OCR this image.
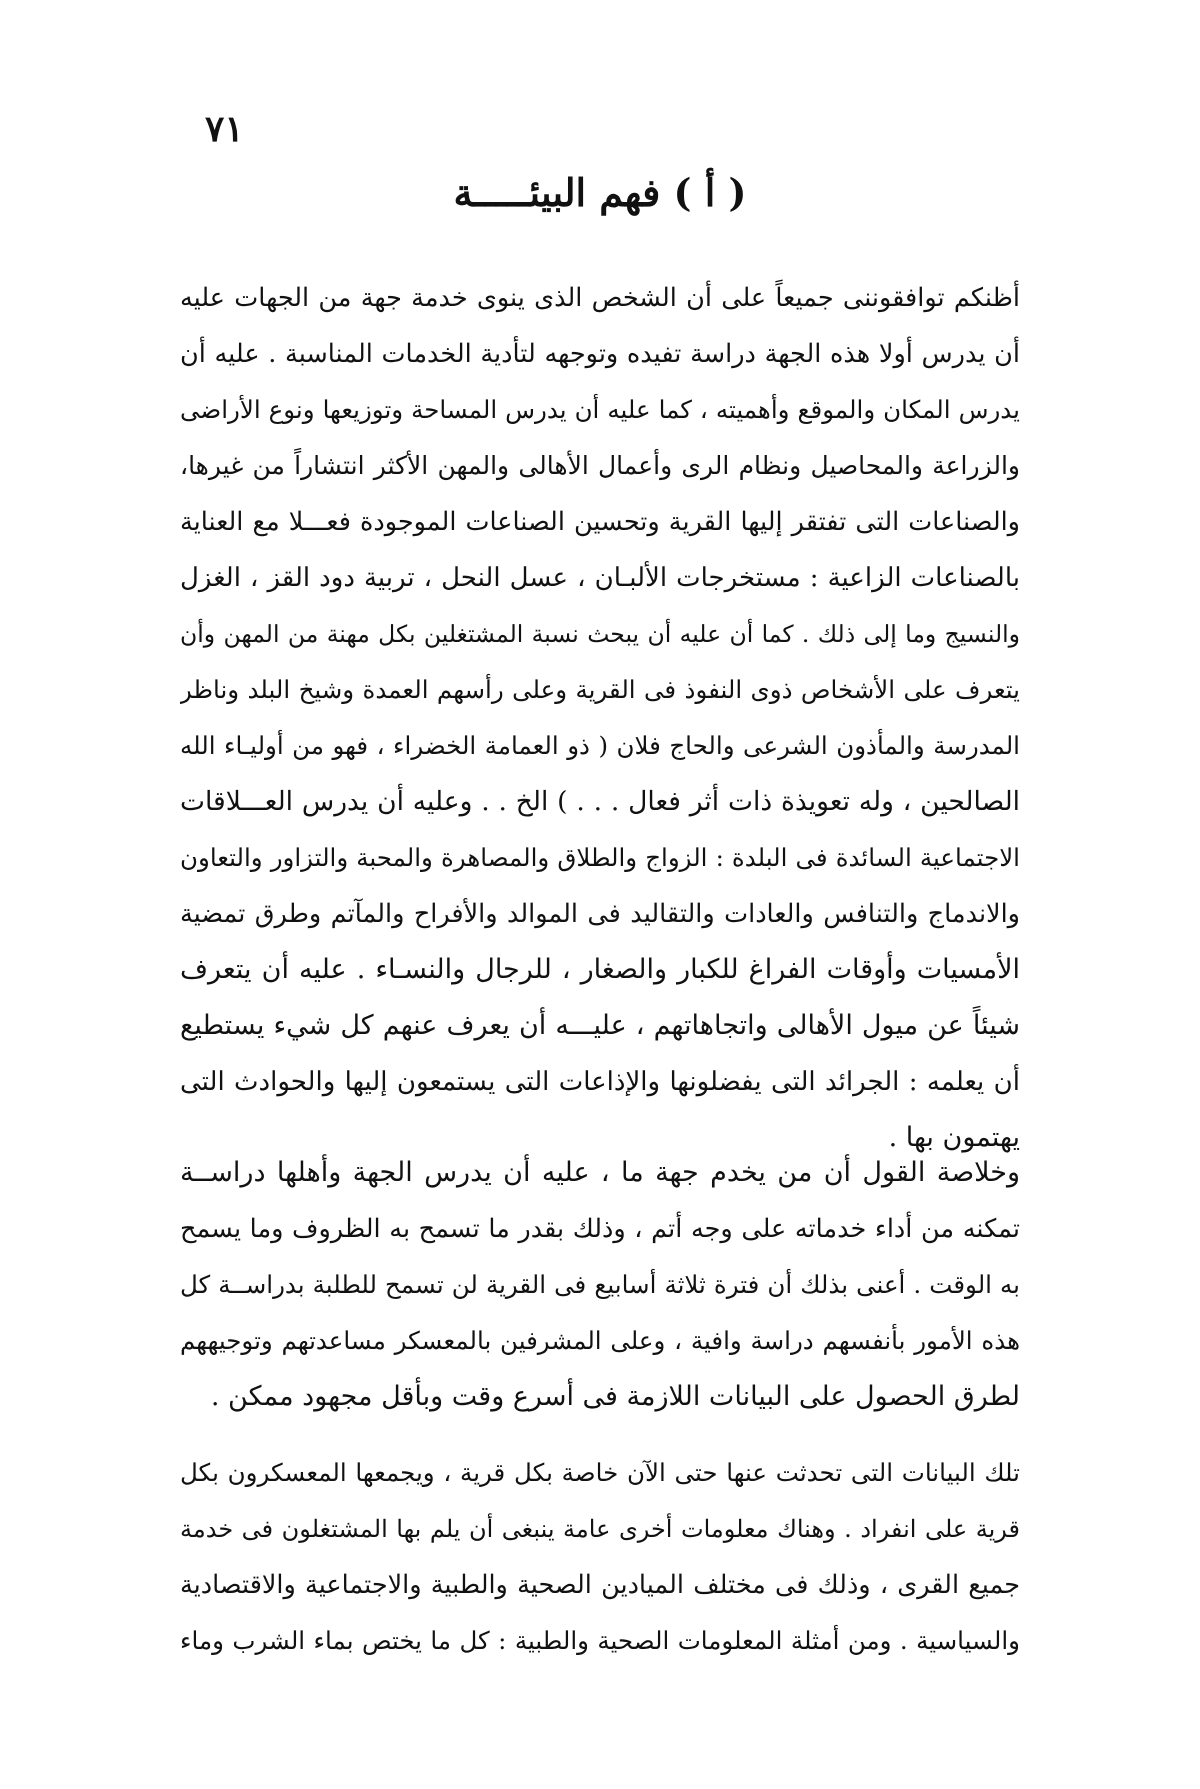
٧١
( أ ) فهم البيئـــــة
أظنكم توافقوننى جميعاً على أن الشخص الذى ينوى خدمة جهة من الجهات عليه
أن يدرس أولا هذه الجهة دراسة تفيده وتوجهه لتأدية الخدمات المناسبة . عليه أن
يدرس المكان والموقع وأهميته ، كما عليه أن يدرس المساحة وتوزيعها ونوع الأراضى
والزراعة والمحاصيل ونظام الرى وأعمال الأهالى والمهن الأكثر انتشاراً من غيرها،
والصناعات التى تفتقر إليها القرية وتحسين الصناعات الموجودة فعـــلا مع العناية
بالصناعات الزاعية : مستخرجات الألبـان ، عسل النحل ، تربية دود القز ، الغزل
والنسيج وما إلى ذلك . كما أن عليه أن يبحث نسبة المشتغلين بكل مهنة من المهن وأن
يتعرف على الأشخاص ذوى النفوذ فى القرية وعلى رأسهم العمدة وشيخ البلد وناظر
المدرسة والمأذون الشرعى والحاج فلان ( ذو العمامة الخضراء ، فهو من أوليـاء الله
الصالحين ، وله تعويذة ذات أثر فعال . . . ) الخ . . وعليه أن يدرس العـــلاقات
الاجتماعية السائدة فى البلدة : الزواج والطلاق والمصاهرة والمحبة والتزاور والتعاون
والاندماج والتنافس والعادات والتقاليد فى الموالد والأفراح والمآتم وطرق تمضية
الأمسيات وأوقات الفراغ للكبار والصغار ، للرجال والنسـاء . عليه أن يتعرف
شيئاً عن ميول الأهالى واتجاهاتهم ، عليـــه أن يعرف عنهم كل شيء يستطيع
أن يعلمه : الجرائد التى يفضلونها والإذاعات التى يستمعون إليها والحوادث التى
يهتمون بها .
وخلاصة القول أن من يخدم جهة ما ، عليه أن يدرس الجهة وأهلها دراســة
تمكنه من أداء خدماته على وجه أتم ، وذلك بقدر ما تسمح به الظروف وما يسمح
به الوقت . أعنى بذلك أن فترة ثلاثة أسابيع فى القرية لن تسمح للطلبة بدراســة كل
هذه الأمور بأنفسهم دراسة وافية ، وعلى المشرفين بالمعسكر مساعدتهم وتوجيههم
لطرق الحصول على البيانات اللازمة فى أسرع وقت وبأقل مجهود ممكن .
تلك البيانات التى تحدثت عنها حتى الآن خاصة بكل قرية ، ويجمعها المعسكرون بكل
قرية على انفراد . وهناك معلومات أخرى عامة ينبغى أن يلم بها المشتغلون فى خدمة
جميع القرى ، وذلك فى مختلف الميادين الصحية والطبية والاجتماعية والاقتصادية
والسياسية . ومن أمثلة المعلومات الصحية والطبية : كل ما يختص بماء الشرب وماء
